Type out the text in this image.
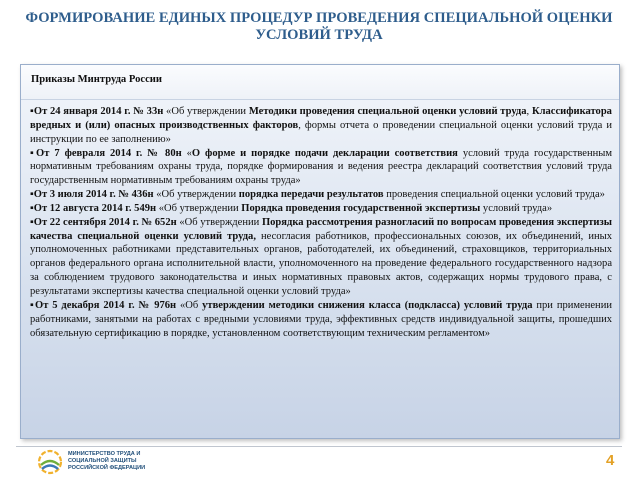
ФОРМИРОВАНИЕ ЕДИНЫХ ПРОЦЕДУР ПРОВЕДЕНИЯ СПЕЦИАЛЬНОЙ ОЦЕНКИ УСЛОВИЙ ТРУДА
Приказы Минтруда России

▪От 24 января 2014 г. № 33н «Об утверждении Методики проведения специальной оценки условий труда, Классификатора вредных и (или) опасных производственных факторов, формы отчета о проведении специальной оценки условий труда и инструкции по ее заполнению»

▪От 7 февраля 2014 г. № 80н «О форме и порядке подачи декларации соответствия условий труда государственным нормативным требованиям охраны труда, порядке формирования и ведения реестра деклараций соответствия условий труда государственным нормативным требованиям охраны труда»

▪От 3 июля 2014 г. № 436н «Об утверждении порядка передачи результатов проведения специальной оценки условий труда»

▪От 12 августа 2014 г. 549н «Об утверждении Порядка проведения государственной экспертизы условий труда»

▪От 22 сентября 2014 г. № 652н «Об утверждении Порядка рассмотрения разногласий по вопросам проведения экспертизы качества специальной оценки условий труда, несогласия работников, профессиональных союзов, их объединений, иных уполномоченных работниками представительных органов, работодателей, их объединений, страховщиков, территориальных органов федерального органа исполнительной власти, уполномоченного на проведение федерального государственного надзора за соблюдением трудового законодательства и иных нормативных правовых актов, содержащих нормы трудового права, с результатами экспертизы качества специальной оценки условий труда»

▪От 5 декабря 2014 г. № 976н «Об утверждении методики снижения класса (подкласса) условий труда при применении работниками, занятыми на работах с вредными условиями труда, эффективных средств индивидуальной защиты, прошедших обязательную сертификацию в порядке, установленном соответствующим техническим регламентом»

МИНИСТЕРСТВО ТРУДА И СОЦИАЛЬНОЙ ЗАЩИТЫ РОССИЙСКОЙ ФЕДЕРАЦИИ	4
